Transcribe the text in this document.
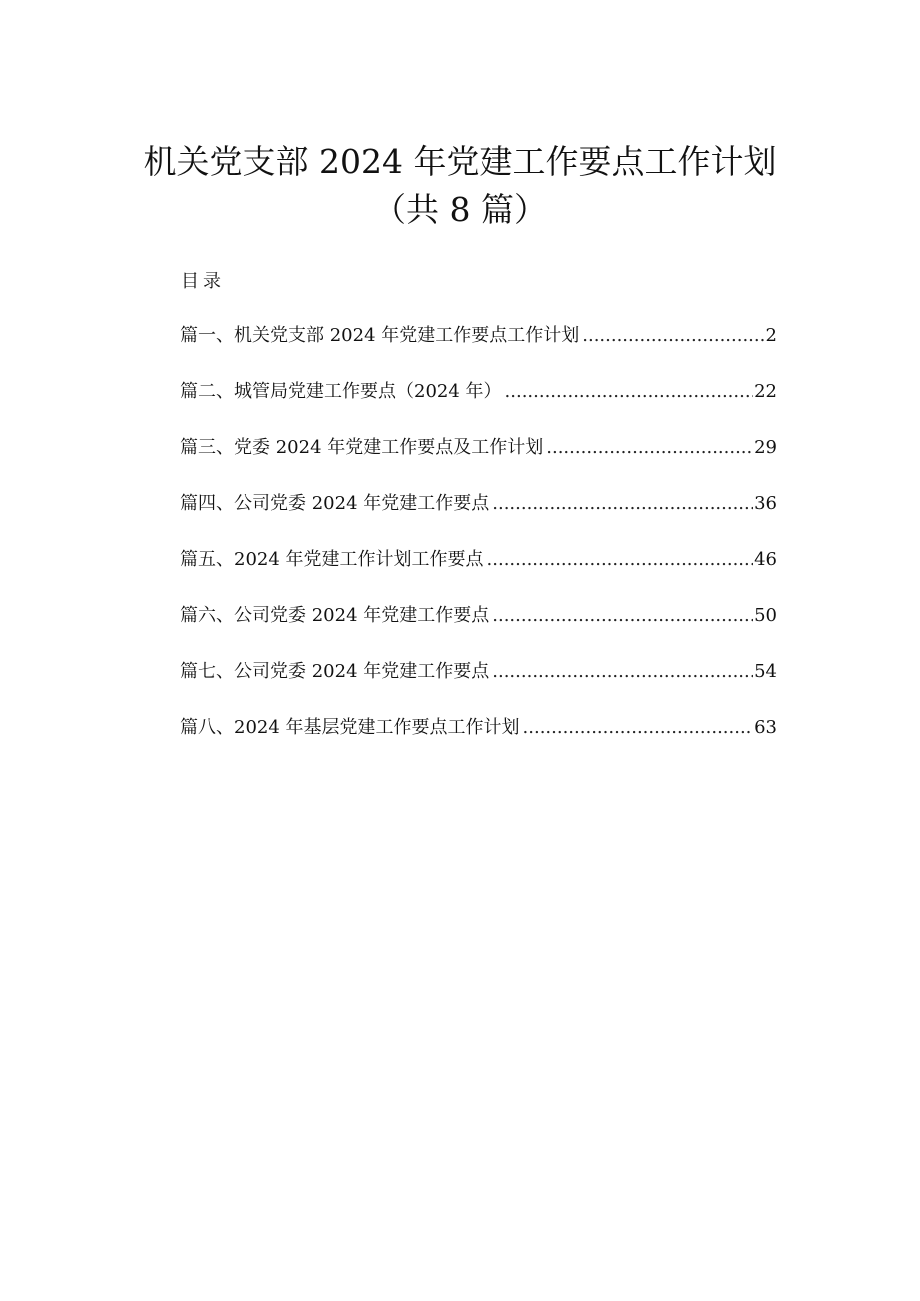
机关党支部 2024 年党建工作要点工作计划
（共 8 篇）
目录
篇一、机关党支部 2024 年党建工作要点工作计划 .....	2
篇二、城管局党建工作要点（2024 年） .....	22
篇三、党委 2024 年党建工作要点及工作计划 .....	29
篇四、公司党委 2024 年党建工作要点 .....	36
篇五、2024 年党建工作计划工作要点 .....	46
篇六、公司党委 2024 年党建工作要点 .....	50
篇七、公司党委 2024 年党建工作要点 .....	54
篇八、2024 年基层党建工作要点工作计划 .....	63
